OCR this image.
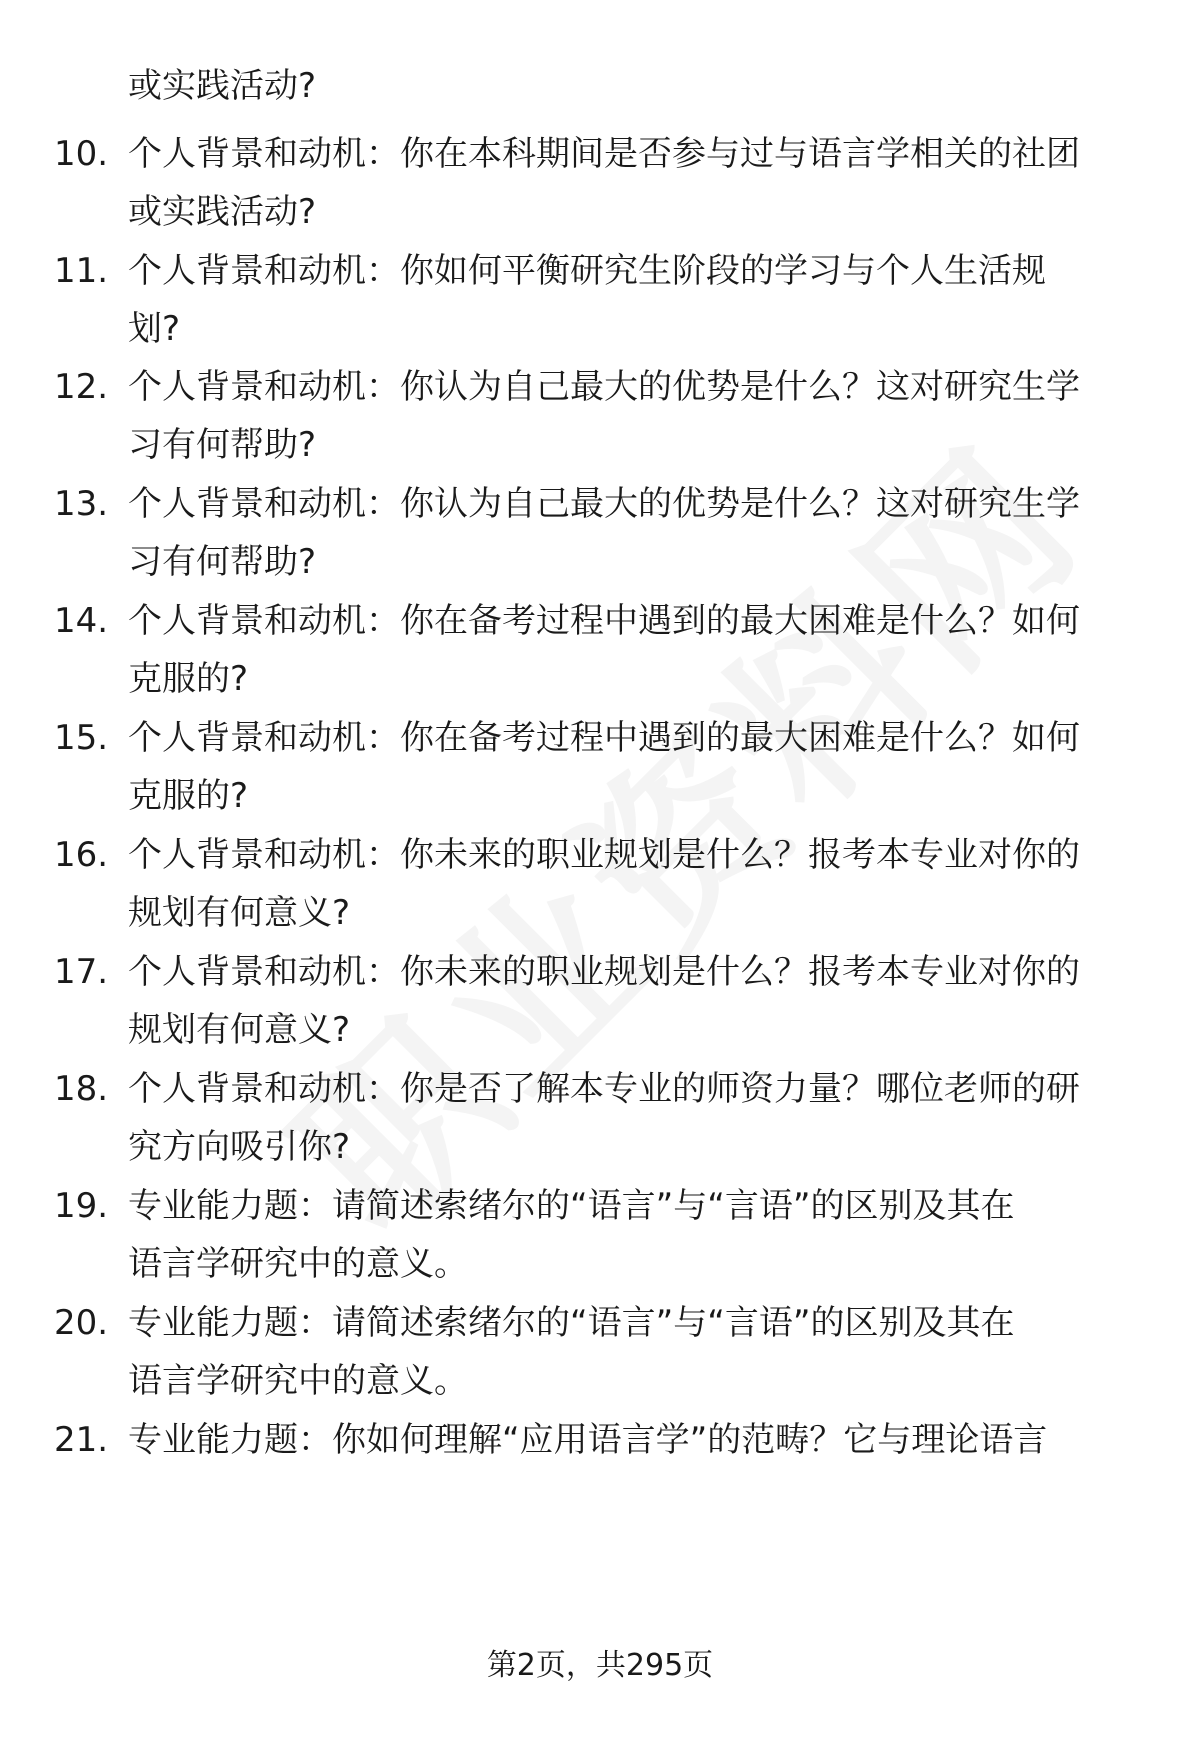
或实践活动?

10. 个人背景和动机：你在本科期间是否参与过与语言学相关的社团
或实践活动?
11. 个人背景和动机：你如何平衡研究生阶段的学习与个人生活规
划?
12. 个人背景和动机：你认为自己最大的优势是什么？这对研究生学
习有何帮助?
13. 个人背景和动机：你认为自己最大的优势是什么？这对研究生学
习有何帮助?
14. 个人背景和动机：你在备考过程中遇到的最大困难是什么？如何
克服的?
15. 个人背景和动机：你在备考过程中遇到的最大困难是什么？如何
克服的?
16. 个人背景和动机：你未来的职业规划是什么？报考本专业对你的
规划有何意义?
17. 个人背景和动机：你未来的职业规划是什么？报考本专业对你的
规划有何意义?
18. 个人背景和动机：你是否了解本专业的师资力量？哪位老师的研
究方向吸引你?
19. 专业能力题：请简述索绪尔的“语言”与“言语”的区别及其在
语言学研究中的意义。
20. 专业能力题：请简述索绪尔的“语言”与“言语”的区别及其在
语言学研究中的意义。
21. 专业能力题：你如何理解“应用语言学”的范畴？它与理论语言
第2页，共295页
